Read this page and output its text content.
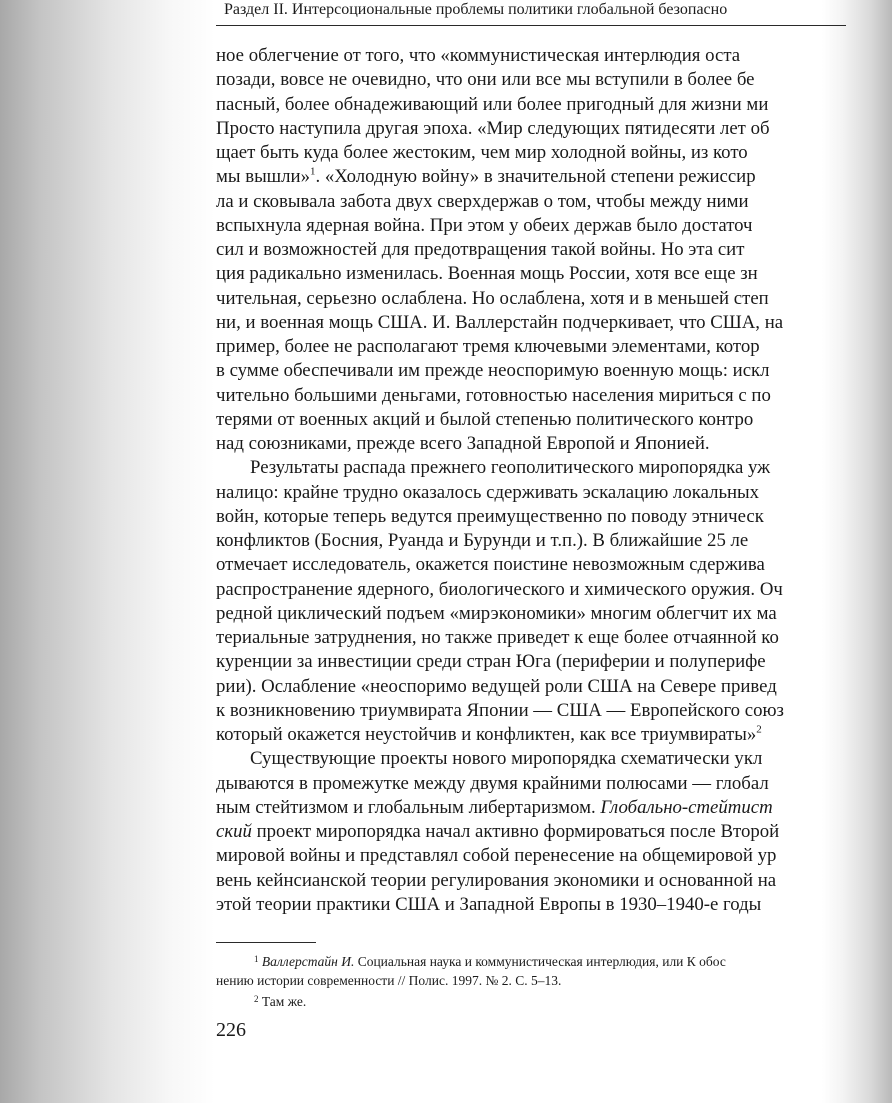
Раздел II. Интерсоциональные проблемы политики глобальной безопасно
ное облегчение от того, что «коммунистическая интерлюдия оста
позади, вовсе не очевидно, что они или все мы вступили в более бе
пасный, более обнадеживающий или более пригодный для жизни ми
Просто наступила другая эпоха. «Мир следующих пятидесяти лет об
щает быть куда более жестоким, чем мир холодной войны, из кото
мы вышли»$^1$. «Холодную войну» в значительной степени режиссир
ла и сковывала забота двух сверхдержав о том, чтобы между ними
вспыхнула ядерная война. При этом у обеих держав было достаточ
сил и возможностей для предотвращения такой войны. Но эта сит
ция радикально изменилась. Военная мощь России, хотя все еще зн
чительная, серьезно ослаблена. Но ослаблена, хотя и в меньшей степ
ни, и военная мощь США. И. Валлерстайн подчеркивает, что США, на
пример, более не располагают тремя ключевыми элементами, котор
в сумме обеспечивали им прежде неоспоримую военную мощь: искл
чительно большими деньгами, готовностью населения мириться с по
терями от военных акций и былой степенью политического контро
над союзниками, прежде всего Западной Европой и Японией.
Результаты распада прежнего геополитического миропорядка уж
налицо: крайне трудно оказалось сдерживать эскалацию локальных
войн, которые теперь ведутся преимущественно по поводу этническ
конфликтов (Босния, Руанда и Бурунди и т.п.). В ближайшие 25 ле
отмечает исследователь, окажется поистине невозможным сдержива
распространение ядерного, биологического и химического оружия. Оч
редной циклический подъем «мирэкономики» многим облегчит их ма
териальные затруднения, но также приведет к еще более отчаянной ко
куренции за инвестиции среди стран Юга (периферии и полуперифе
рии). Ослабление «неоспоримо ведущей роли США на Севере привед
к возникновению триумвирата Японии — США — Европейского союз
который окажется неустойчив и конфликтен, как все триумвираты»$^2$
Существующие проекты нового миропорядка схематически укл
дываются в промежутке между двумя крайними полюсами — глобал
ным стейтизмом и глобальным либертаризмом. Глобально-стейтист
ский проект миропорядка начал активно формироваться после Второй
мировой войны и представлял собой перенесение на общемировой ур
вень кейнсианской теории регулирования экономики и основанной на
этой теории практики США и Западной Европы в 1930–1940-е годы
$^1$ Валлерстайн И. Социальная наука и коммунистическая интерлюдия, или К обос
нению истории современности // Полис. 1997. № 2. С. 5–13.
$^2$ Там же.
226
